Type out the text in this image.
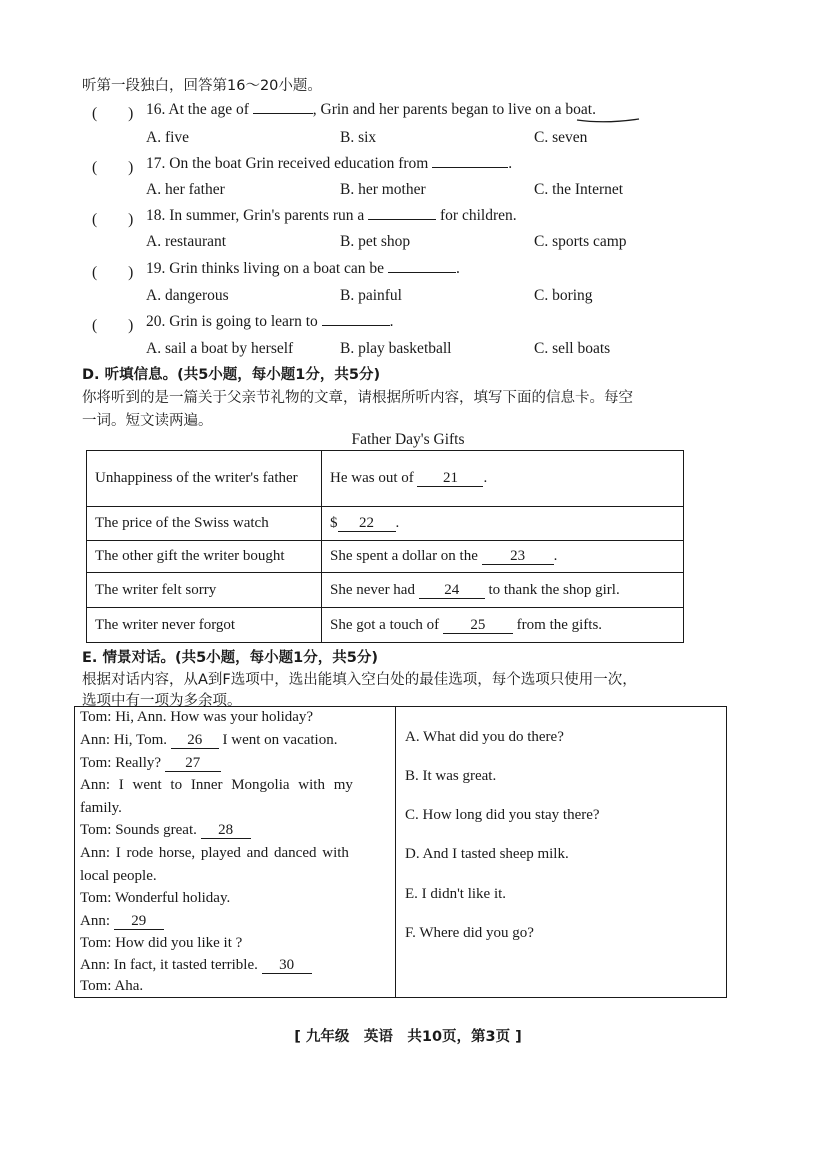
听第一段独白，回答第16～20小题。
(　　) 16. At the age of	, Grin and her parents began to live on a boat.
A. five	B. six	C. seven
(　　) 17. On the boat Grin received education from	.
A. her father	B. her mother	C. the Internet
(　　) 18. In summer, Grin's parents run a	for children.
A. restaurant	B. pet shop	C. sports camp
(　　) 19. Grin thinks living on a boat can be	.
A. dangerous	B. painful	C. boring
(　　) 20. Grin is going to learn to	.
A. sail a boat by herself	B. play basketball	C. sell boats
D. 听填信息。(共5小题，每小题1分，共5分)
你将听到的是一篇关于父亲节礼物的文章，请根据所听内容，填写下面的信息卡。每空
一词。短文读两遍。
Father Day's Gifts
Unhappiness of the writer's father	He was out of 21 .
The price of the Swiss watch	$ 22 .
The other gift the writer bought	She spent a dollar on the 23 .
The writer felt sorry	She never had 24 to thank the shop girl.
The writer never forgot	She got a touch of 25 from the gifts.
E. 情景对话。(共5小题，每小题1分，共5分)
根据对话内容，从A到F选项中，选出能填入空白处的最佳选项，每个选项只使用一次，
选项中有一项为多余项。
Tom: Hi, Ann. How was your holiday?
Ann: Hi, Tom. 26 I went on vacation.
Tom: Really? 27
Ann: I went to Inner Mongolia with my
family.
Tom: Sounds great. 28
Ann: I rode horse, played and danced with
local people.
Tom: Wonderful holiday.
Ann: 29
Tom: How did you like it ?
Ann: In fact, it tasted terrible. 30
Tom: Aha.
A. What did you do there?
B. It was great.
C. How long did you stay there?
D. And I tasted sheep milk.
E. I didn't like it.
F. Where did you go?
[ 九年级　英语　共10页，第3页 ]
